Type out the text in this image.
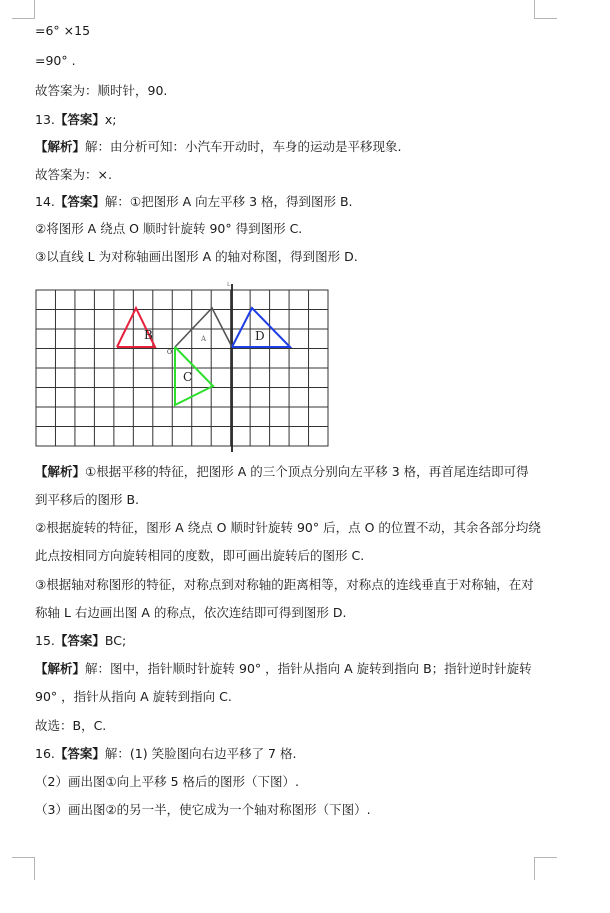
=6° ×15
=90° .
故答案为：顺时针，90.
13.【答案】x;
【解析】解：由分析可知：小汽车开动时，车身的运动是平移现象.
故答案为：×.
14.【答案】解：①把图形 A 向左平移 3 格，得到图形 B.
②将图形 A 绕点 O 顺时针旋转 90° 得到图形 C.
③以直线 L 为对称轴画出图形 A 的轴对称图，得到图形 D.
L
B	A
O
C
D
【解析】①根据平移的特征，把图形 A 的三个顶点分别向左平移 3 格，再首尾连结即可得
到平移后的图形 B.
②根据旋转的特征，图形 A 绕点 O 顺时针旋转 90° 后，点 O 的位置不动，其余各部分均绕
此点按相同方向旋转相同的度数，即可画出旋转后的图形 C.
③根据轴对称图形的特征，对称点到对称轴的距离相等，对称点的连线垂直于对称轴，在对
称轴 L 右边画出图 A 的称点，依次连结即可得到图形 D.
15.【答案】BC;
【解析】解：图中，指针顺时针旋转 90° ，指针从指向 A 旋转到指向 B；指针逆时针旋转
90° ，指针从指向 A 旋转到指向 C.
故选：B，C.
16.【答案】解：(1) 笑脸图向右边平移了 7 格.
（2）画出图①向上平移 5 格后的图形（下图）.
（3）画出图②的另一半，使它成为一个轴对称图形（下图）.
